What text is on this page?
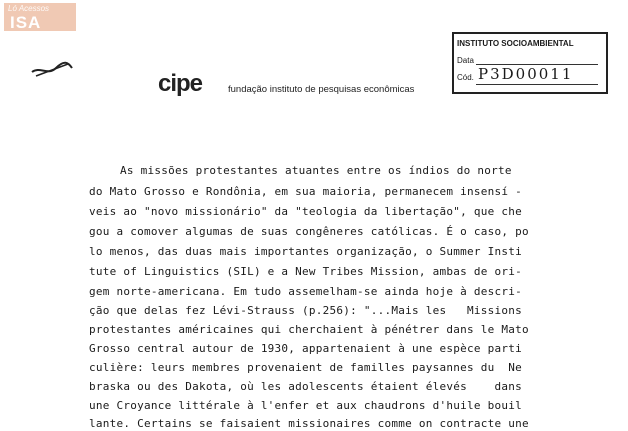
Ló Acessos
ISA
cipe	fundação instituto de pesquisas econômicas
INSTITUTO SOCIOAMBIENTAL
Data
Cód. P3D00011
As missões protestantes atuantes entre os índios do norte
do Mato Grosso e Rondônia, em sua maioria, permanecem insensí -
veis ao "novo missionário" da "teologia da libertação", que che
gou a comover algumas de suas congêneres católicas. É o caso, po
lo menos, das duas mais importantes organização, o Summer Insti
tute of Linguistics (SIL) e a New Tribes Mission, ambas de ori-
gem norte-americana. Em tudo assemelham-se ainda hoje à descri-
ção que delas fez Lévi-Strauss (p.256): "...Mais les   Missions
protestantes américaines qui cherchaient à pénétrer dans le Mato
Grosso central autour de 1930, appartenaient à une espèce parti
culière: leurs membres provenaient de familles paysannes du  Ne
braska ou des Dakota, où les adolescents étaient élevés    dans
une Croyance littérale à l'enfer et aux chaudrons d'huile bouil
lante. Certains se faisaient missionaires comme on contracte une
